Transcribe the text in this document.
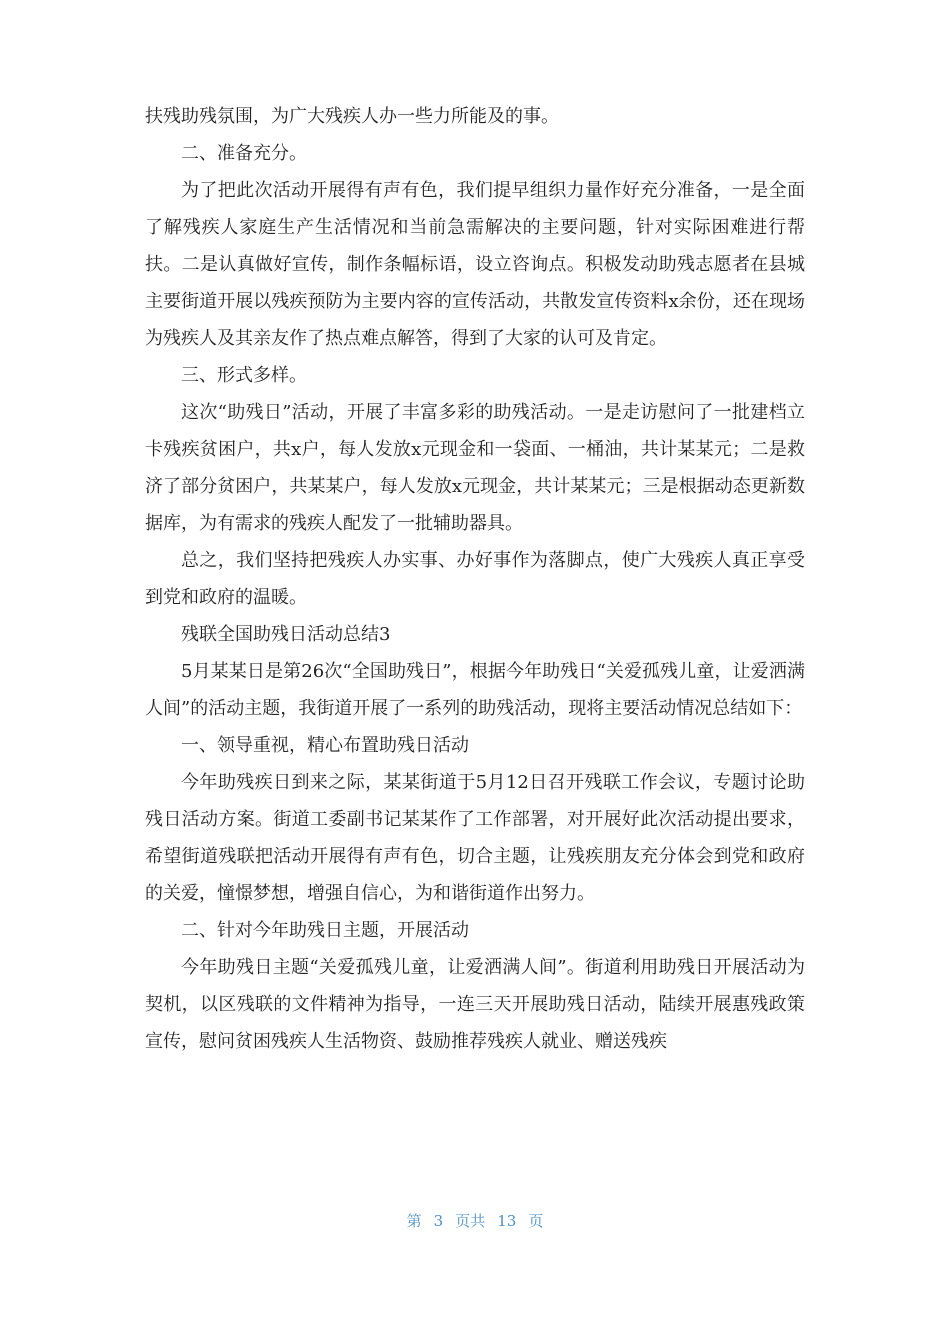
扶残助残氛围，为广大残疾人办一些力所能及的事。

二、准备充分。

为了把此次活动开展得有声有色，我们提早组织力量作好充分准备，一是全面了解残疾人家庭生产生活情况和当前急需解决的主要问题，针对实际困难进行帮扶。二是认真做好宣传，制作条幅标语，设立咨询点。积极发动助残志愿者在县城主要街道开展以残疾预防为主要内容的宣传活动，共散发宣传资料x余份，还在现场为残疾人及其亲友作了热点难点解答，得到了大家的认可及肯定。

三、形式多样。

这次“助残日”活动，开展了丰富多彩的助残活动。一是走访慰问了一批建档立卡残疾贫困户，共x户，每人发放x元现金和一袋面、一桶油，共计某某元；二是救济了部分贫困户，共某某户，每人发放x元现金，共计某某元；三是根据动态更新数据库，为有需求的残疾人配发了一批辅助器具。

总之，我们坚持把残疾人办实事、办好事作为落脚点，使广大残疾人真正享受到党和政府的温暖。

残联全国助残日活动总结3

5月某某日是第26次“全国助残日”，根据今年助残日“关爱孤残儿童，让爱洒满人间”的活动主题，我街道开展了一系列的助残活动，现将主要活动情况总结如下：

一、领导重视，精心布置助残日活动

今年助残疾日到来之际，某某街道于5月12日召开残联工作会议，专题讨论助残日活动方案。街道工委副书记某某作了工作部署，对开展好此次活动提出要求，希望街道残联把活动开展得有声有色，切合主题，让残疾朋友充分体会到党和政府的关爱，憧憬梦想，增强自信心，为和谐街道作出努力。

二、针对今年助残日主题，开展活动

今年助残日主题“关爱孤残儿童，让爱洒满人间”。街道利用助残日开展活动为契机，以区残联的文件精神为指导，一连三天开展助残日活动，陆续开展惠残政策宣传，慰问贫困残疾人生活物资、鼓励推荐残疾人就业、赠送残疾

第 3 页共 13 页
